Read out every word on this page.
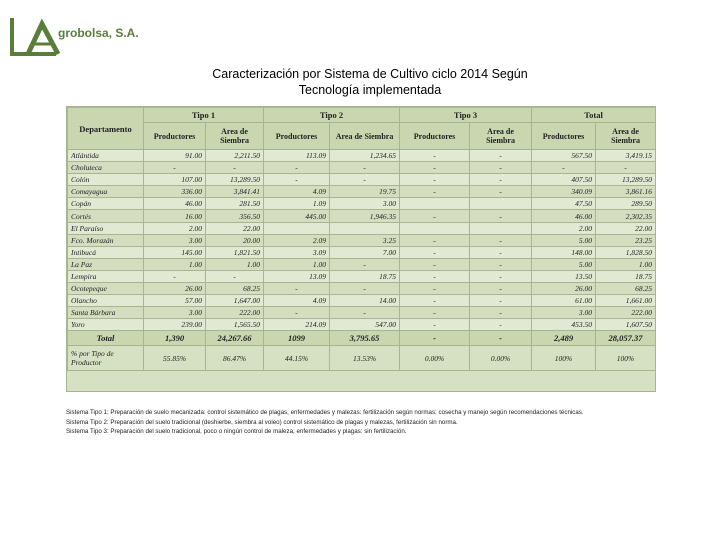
grobolsa, S.A.
Caracterización por Sistema de Cultivo ciclo 2014 Según
Tecnología implementada
Departamento	Tipo 1		Tipo 2		Tipo 3		Total	
	Productores	Area de Siembra	Productores	Area de Siembra	Productores	Area de Siembra	Productores	Area de Siembra
Atlántida	91.00	2,211.50	113.09	1,234.65	-	-	567.50	3,419.15
Choluteca	-	-	-	-	-	-	-	-
Colón	107.00	13,289.50	-	-	-	-	407.50	13,289.50
Comayagua	336.00	3,841.41	4.09	19.75	-	-	340.09	3,861.16
Copán	46.00	281.50	1.09	3.00			47.50	289.50
Cortés	16.00	356.50	445.00	1,946.35	-	-	46.00	2,302.35
El Paraíso	2.00	22.00					2.00	22.00
Fco. Morazán	3.00	20.00	2.09	3.25	-	-	5.00	23.25
Intibucá	145.00	1,821.50	3.09	7.00	-	-	148.00	1,828.50
La Paz	1.00	1.00	1.00	-	-	-	5.00	1.00
Lempira	-	-	13.09	18.75	-	-	13.50	18.75
Ocotepeque	26.00	68.25	-	-	-	-	26.00	68.25
Olancho	57.00	1,647.00	4.09	14.00	-	-	61.00	1,661.00
Santa Bárbara	3.00	222.00	-	-	-	-	3.00	222.00
Yoro	239.00	1,565.50	214.09	547.00	-	-	453.50	1,607.50
Total	1,390	24,267.66	1099	3,795.65	-	-	2,489	28,057.37
% por Tipo de Productor	55.85%	86.47%	44.15%	13.53%	0.00%	0.00%	100%	100%

Sistema Tipo 1: Preparación de suelo mecanizada: control sistemático de plagas, enfermedades y malezas: fertilización según normas: cosecha y manejo según recomendaciones técnicas.

Sistema Tipo 2: Preparación del suelo tradicional (deshierbe, siembra al voleo) control sistemático de plagas y malezas, fertilización sin norma.

Sistema Tipo 3: Preparación del suelo tradicional, poco o ningún control de maleza, enfermedades y plagas: sin fertilización.
